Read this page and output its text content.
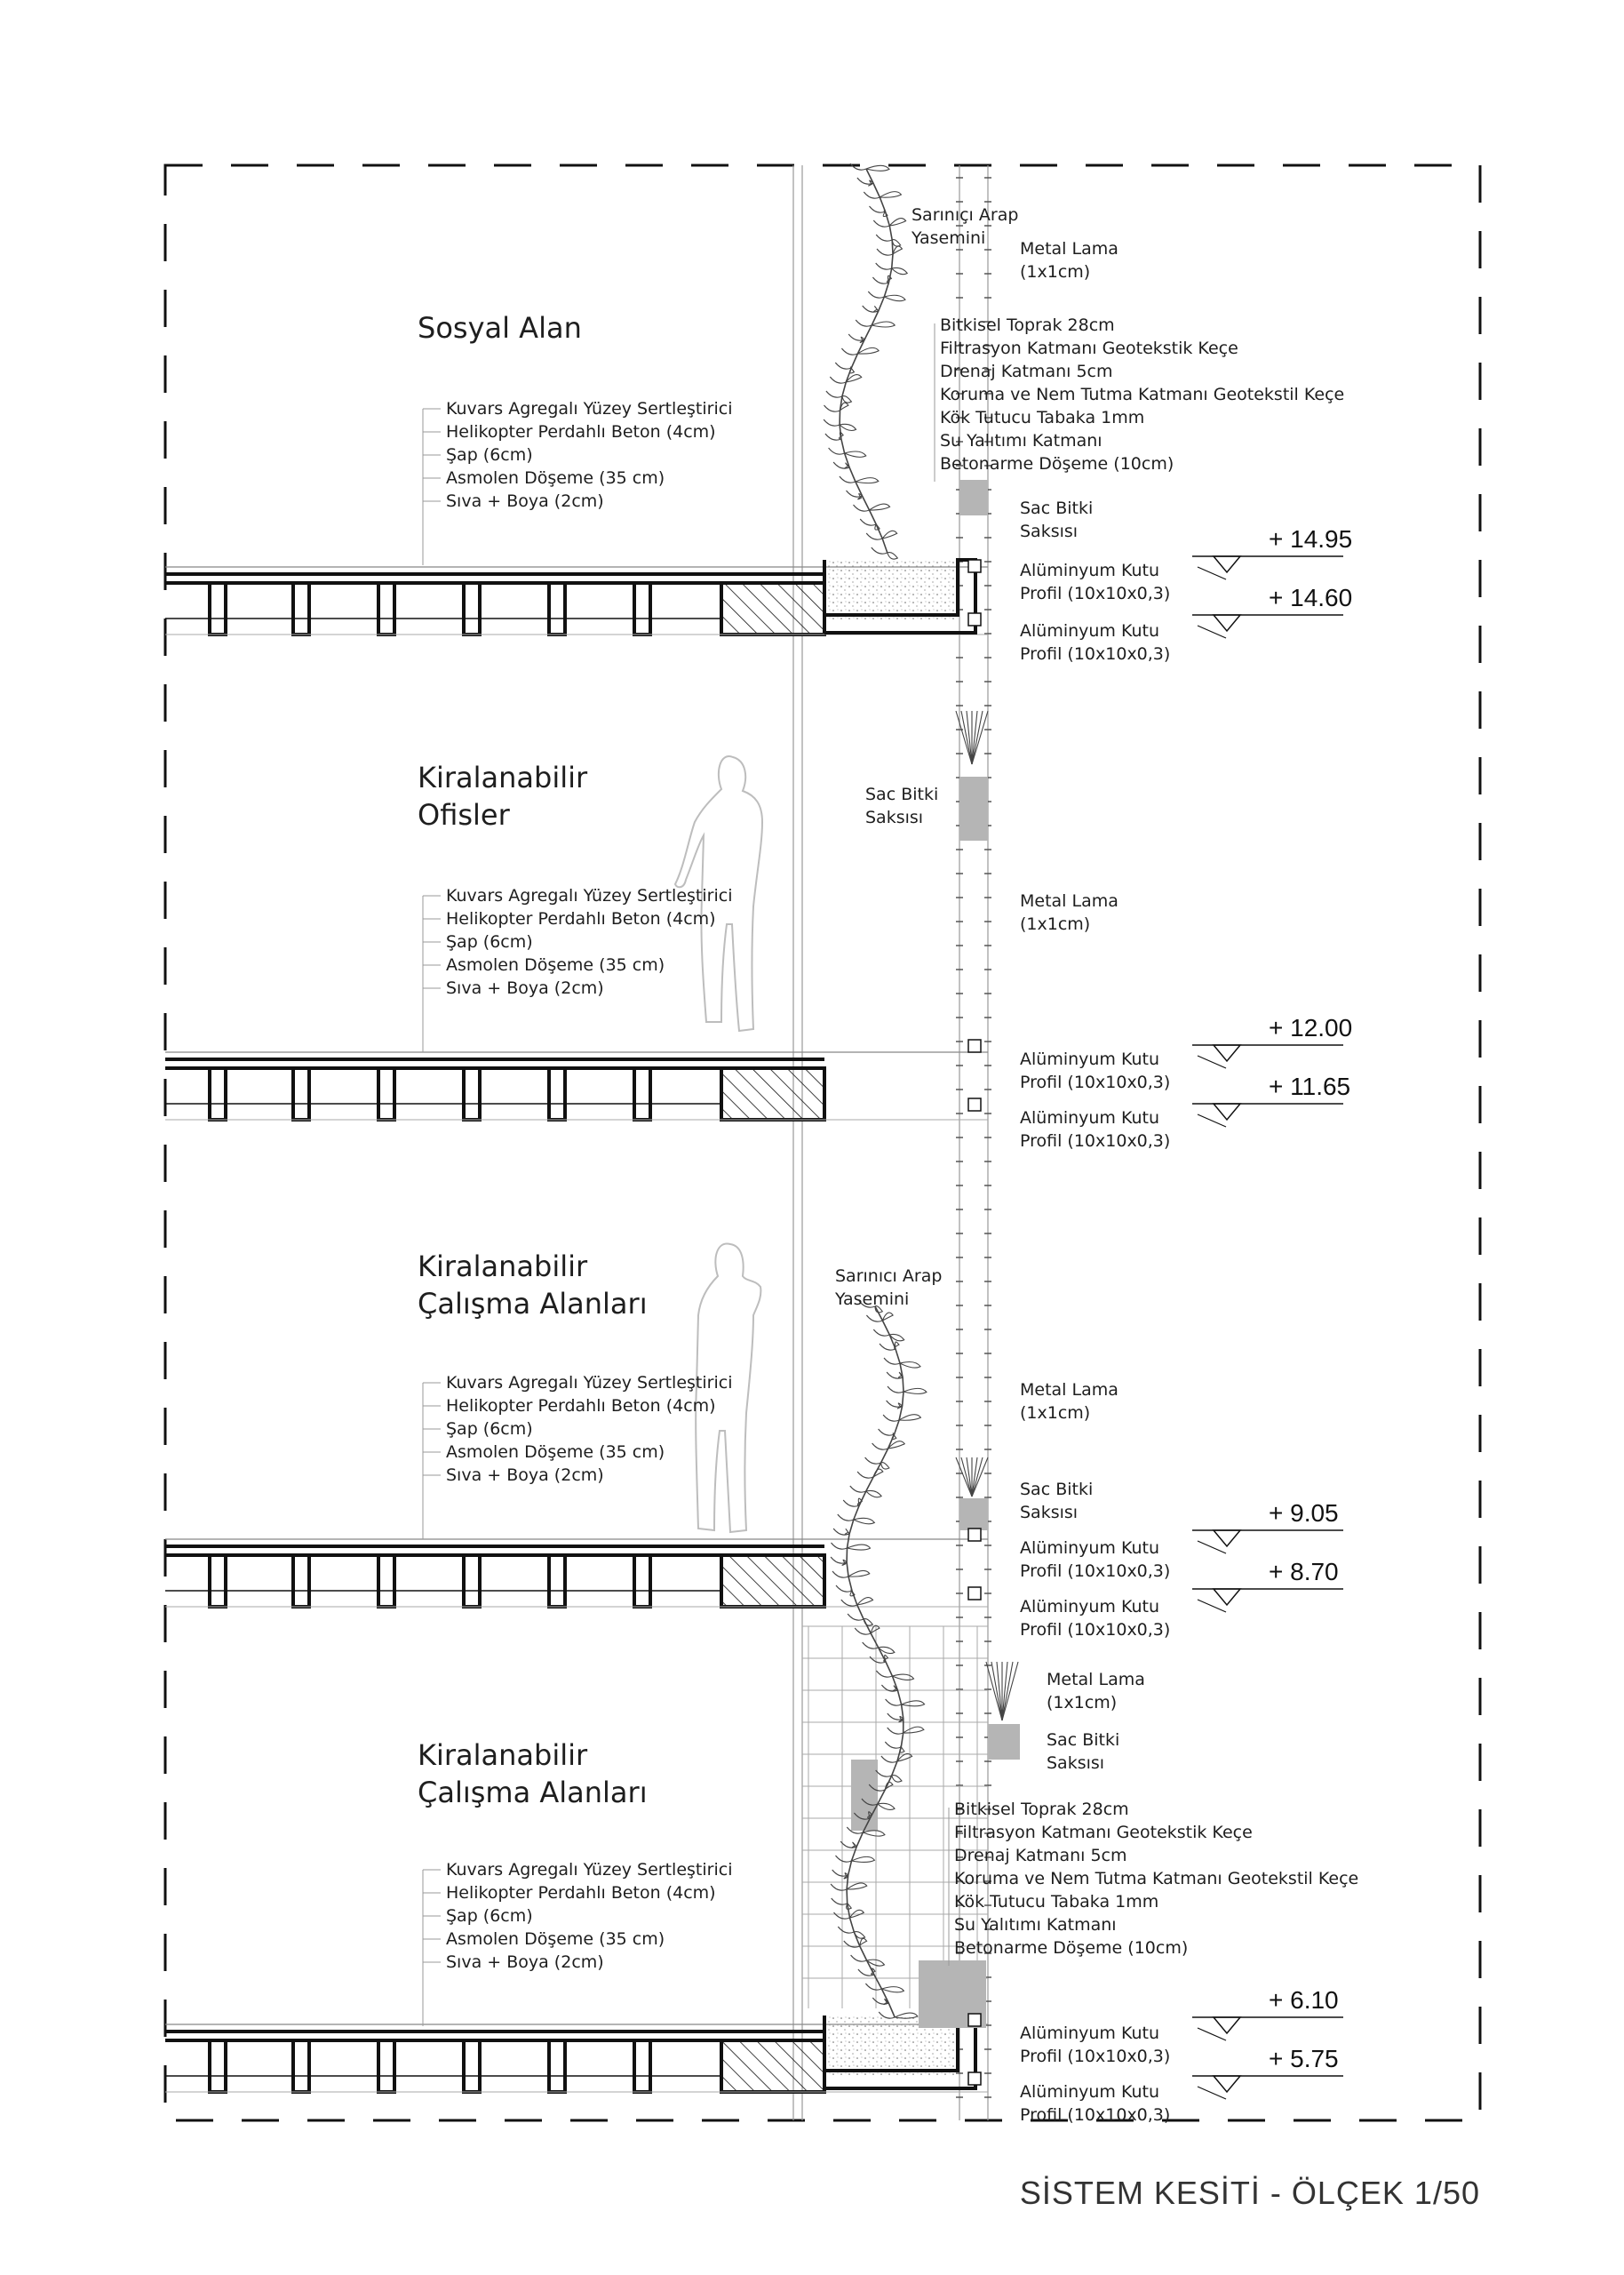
Sosyal Alan
Kiralanabilir
Ofisler
Kiralanabilir
Çalışma Alanları
Kiralanabilir
Çalışma Alanları
Kuvars Agregalı Yüzey Sertleştirici
Helikopter Perdahlı Beton (4cm)
Şap (6cm)
Asmolen Döşeme (35 cm)
Sıva + Boya (2cm)
Kuvars Agregalı Yüzey Sertleştirici
Helikopter Perdahlı Beton (4cm)
Şap (6cm)
Asmolen Döşeme (35 cm)
Sıva + Boya (2cm)
Kuvars Agregalı Yüzey Sertleştirici
Helikopter Perdahlı Beton (4cm)
Şap (6cm)
Asmolen Döşeme (35 cm)
Sıva + Boya (2cm)
Kuvars Agregalı Yüzey Sertleştirici
Helikopter Perdahlı Beton (4cm)
Şap (6cm)
Asmolen Döşeme (35 cm)
Sıva + Boya (2cm)
Bitkisel Toprak 28cm
Filtrasyon Katmanı Geotekstik Keçe
Drenaj Katmanı 5cm
Koruma ve Nem Tutma Katmanı Geotekstil Keçe
Kök Tutucu Tabaka 1mm
Su Yalıtımı Katmanı
Betonarme Döşeme (10cm)
Bitkisel Toprak 28cm
Filtrasyon Katmanı Geotekstik Keçe
Drenaj Katmanı 5cm
Koruma ve Nem Tutma Katmanı Geotekstil Keçe
Kök Tutucu Tabaka 1mm
Su Yalıtımı Katmanı
Betonarme Döşeme (10cm)
Sarınıçı Arap
Yasemini
Sarınıcı Arap
Yasemini
Metal Lama
(1x1cm)
Metal Lama
(1x1cm)
Metal Lama
(1x1cm)
Metal Lama
(1x1cm)
Sac Bitki
Saksısı
Sac Bitki
Saksısı
Sac Bitki
Saksısı
Sac Bitki
Saksısı
Alüminyum Kutu
Profil (10x10x0,3)
Alüminyum Kutu
Profil (10x10x0,3)
Alüminyum Kutu
Profil (10x10x0,3)
Alüminyum Kutu
Profil (10x10x0,3)
Alüminyum Kutu
Profil (10x10x0,3)
Alüminyum Kutu
Profil (10x10x0,3)
Alüminyum Kutu
Profil (10x10x0,3)
Alüminyum Kutu
Profil (10x10x0,3)
+ 14.95
+ 14.60
+ 12.00
+ 11.65
+ 9.05
+ 8.70
+ 6.10
+ 5.75
SİSTEM KESİTİ - ÖLÇEK 1/50
